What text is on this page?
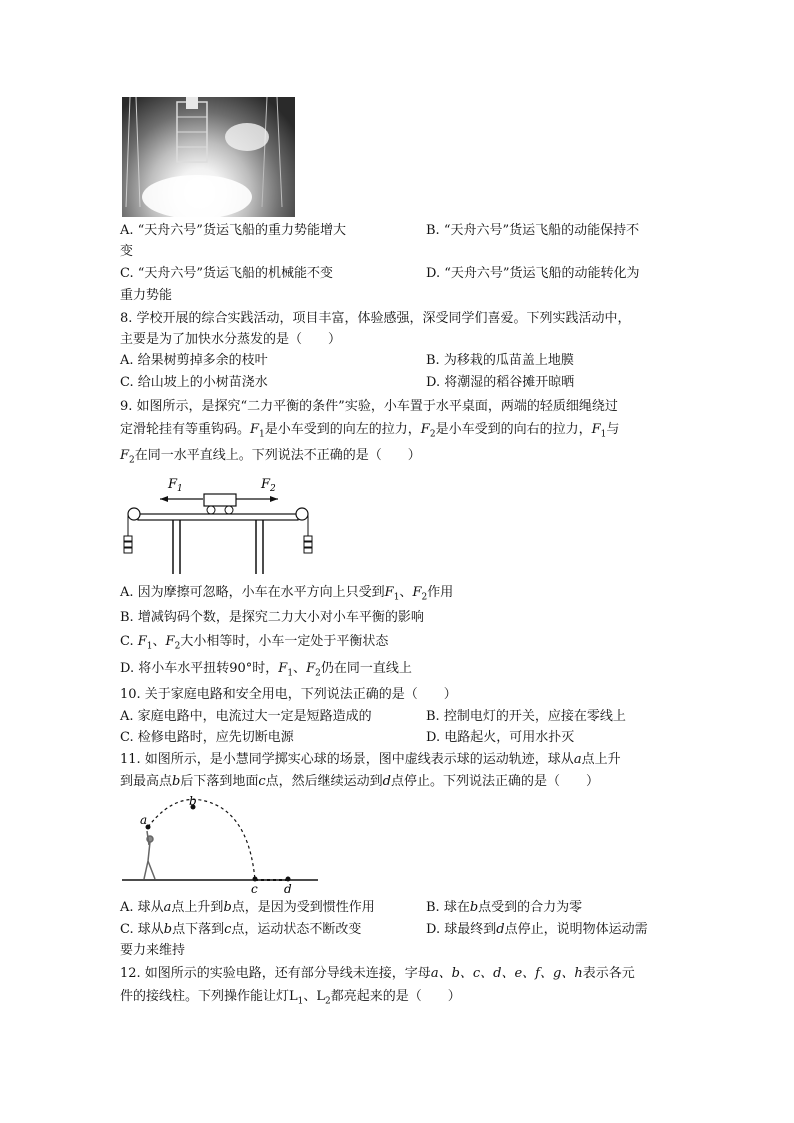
A. “天舟六号”货运飞船的重力势能增大	B. “天舟六号”货运飞船的动能保持不
变
C. “天舟六号”货运飞船的机械能不变	D. “天舟六号”货运飞船的动能转化为
重力势能
8. 学校开展的综合实践活动，项目丰富，体验感强，深受同学们喜爱。下列实践活动中，
主要是为了加快水分蒸发的是（　　）
A. 给果树剪掉多余的枝叶	B. 为移栽的瓜苗盖上地膜
C. 给山坡上的小树苗浇水	D. 将潮湿的稻谷摊开晾晒
9. 如图所示，是探究“二力平衡的条件”实验，小车置于水平桌面，两端的轻质细绳绕过
定滑轮挂有等重钩码。$F_1$是小车受到的向左的拉力，$F_2$是小车受到的向右的拉力，$F_1$与
$F_2$在同一水平直线上。下列说法不正确的是（　　）
$F_1$	$F_2$
A. 因为摩擦可忽略，小车在水平方向上只受到$F_1$、$F_2$作用
B. 增减钩码个数，是探究二力大小对小车平衡的影响
C. $F_1$、$F_2$大小相等时，小车一定处于平衡状态
D. 将小车水平扭转90°时，$F_1$、$F_2$仍在同一直线上
10. 关于家庭电路和安全用电，下列说法正确的是（　　）
A. 家庭电路中，电流过大一定是短路造成的	B. 控制电灯的开关，应接在零线上
C. 检修电路时，应先切断电源	D. 电路起火，可用水扑灭
11. 如图所示，是小慧同学掷实心球的场景，图中虚线表示球的运动轨迹，球从a点上升
到最高点b后下落到地面c点，然后继续运动到d点停止。下列说法正确的是（　　）
a
b
c d
A. 球从a点上升到b点，是因为受到惯性作用	B. 球在b点受到的合力为零
C. 球从b点下落到c点，运动状态不断改变	D. 球最终到d点停止，说明物体运动需
要力来维持
12. 如图所示的实验电路，还有部分导线未连接，字母a、b、c、d、e、f、g、h表示各元
件的接线柱。下列操作能让灯$L_1$、$L_2$都亮起来的是（　　）
